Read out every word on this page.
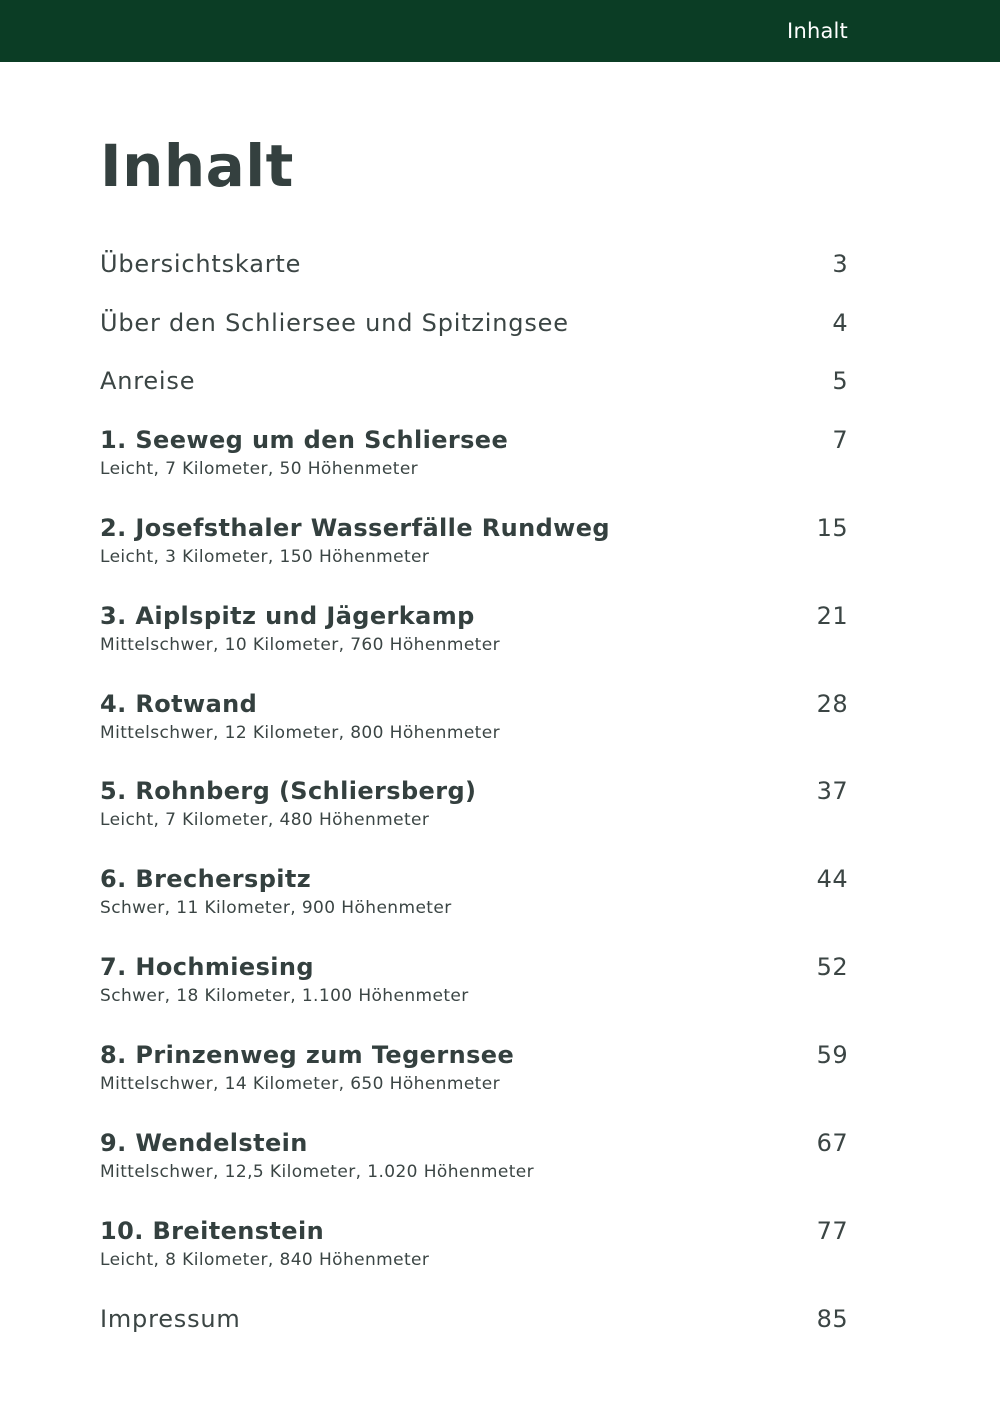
Inhalt
Inhalt
Übersichtskarte	3
Über den Schliersee und Spitzingsee	4
Anreise	5
1. Seeweg um den Schliersee	7
Leicht, 7 Kilometer, 50 Höhenmeter
2. Josefsthaler Wasserfälle Rundweg	15
Leicht, 3 Kilometer, 150 Höhenmeter
3. Aiplspitz und Jägerkamp	21
Mittelschwer, 10 Kilometer, 760 Höhenmeter
4. Rotwand	28
Mittelschwer, 12 Kilometer, 800 Höhenmeter
5. Rohnberg (Schliersberg)	37
Leicht, 7 Kilometer, 480 Höhenmeter
6. Brecherspitz	44
Schwer, 11 Kilometer, 900 Höhenmeter
7. Hochmiesing	52
Schwer, 18 Kilometer, 1.100 Höhenmeter
8. Prinzenweg zum Tegernsee	59
Mittelschwer, 14 Kilometer, 650 Höhenmeter
9. Wendelstein	67
Mittelschwer, 12,5 Kilometer, 1.020 Höhenmeter
10. Breitenstein	77
Leicht, 8 Kilometer, 840 Höhenmeter
Impressum	85
